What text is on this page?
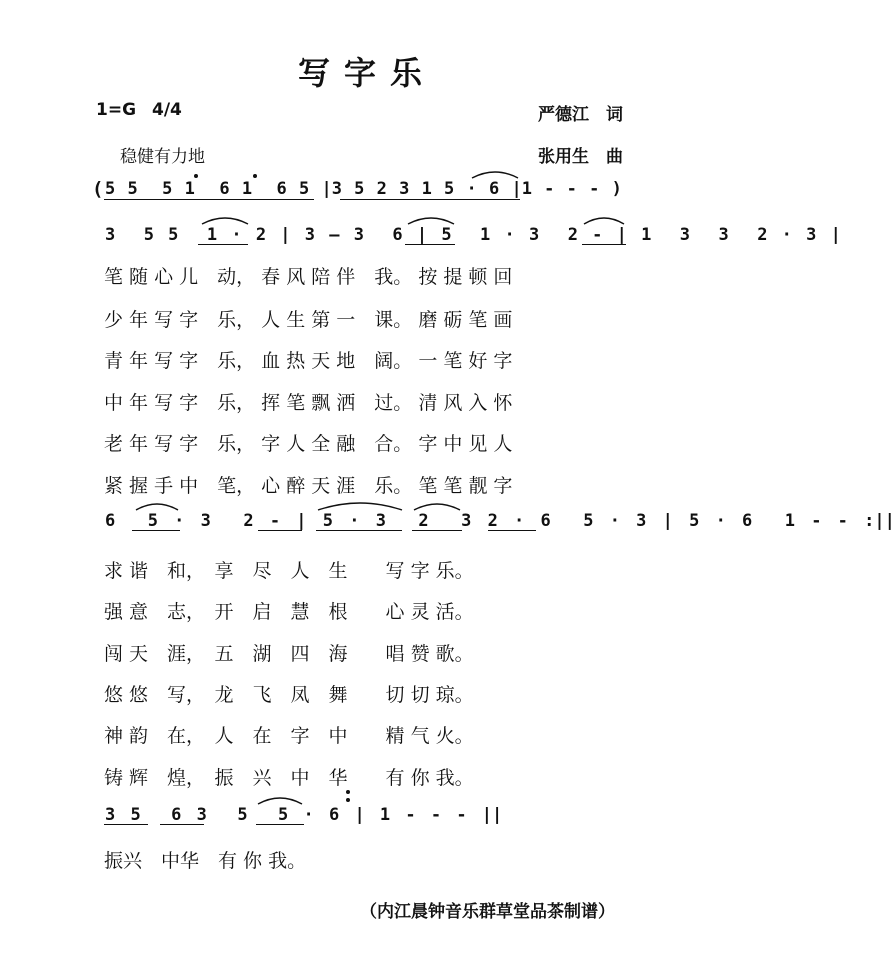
写字乐
1=G 4/4	严德江　词
稳健有力地	张用生　曲
( 5 5  5 1  6 1  6 5 |3 5 2 3 1 5 · 6 |1 - - - )
3  5 5  1 · 2 | 3 – 3  6 | 5  1 · 3  2 - | 1  3  3  2 · 3 |
笔 随 心 儿　动， 春 风 陪 伴　我。 按 提 顿 回
少 年 写 字　乐， 人 生 第 一　课。 磨 砺 笔 画
青 年 写 字　乐， 血 热 天 地　阔。 一 笔 好 字
中 年 写 字　乐， 挥 笔 飘 洒　过。 清 风 入 怀
老 年 写 字　乐， 字 人 全 融　合。 字 中 见 人
紧 握 手 中　笔， 心 醉 天 涯　乐。 笔 笔 靓 字
6  5 · 3  2 - | 5 · 3  2  3 2 · 6  5 · 3 | 5 · 6  1 - - :||
求 谐　和，　享　尽　人　生　　写 字 乐。
强 意　志，　开　启　慧　根　　心 灵 活。
闯 天　涯，　五　湖　四　海　　唱 赞 歌。
悠 悠　写，　龙　飞　凤　舞　　切 切 琼。
神 韵　在，　人　在　字　中　　精 气 火。
铸 辉　煌，　振　兴　中　华　　有 你 我。
3 5  6 3  5  5 · 6 | 1 - - - ||
振兴　中华　有 你 我。
（内江晨钟音乐群草堂品茶制谱）
